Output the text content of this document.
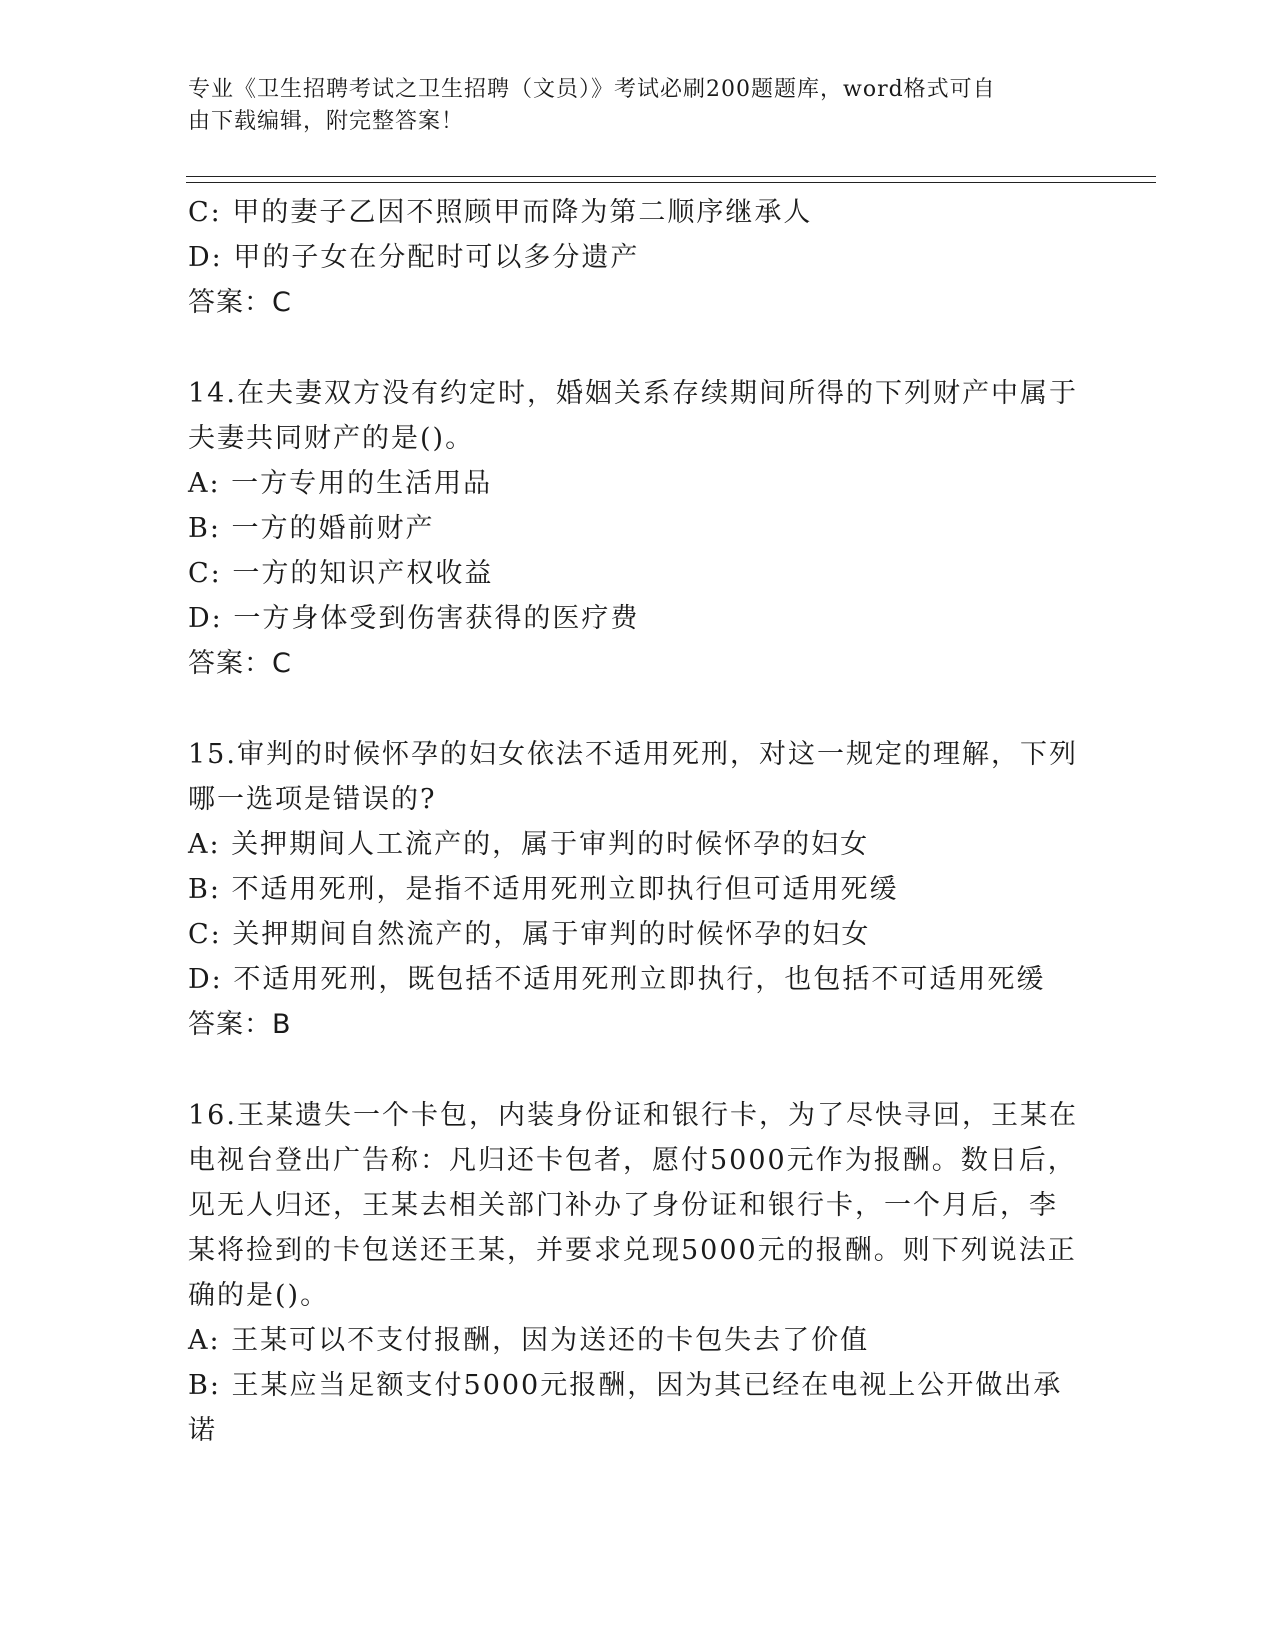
专业《卫生招聘考试之卫生招聘（文员）》考试必刷200题题库，word格式可自
由下载编辑，附完整答案！
C: 甲的妻子乙因不照顾甲而降为第二顺序继承人
D: 甲的子女在分配时可以多分遗产
答案：C
14.在夫妻双方没有约定时，婚姻关系存续期间所得的下列财产中属于
夫妻共同财产的是()。
A: 一方专用的生活用品
B: 一方的婚前财产
C: 一方的知识产权收益
D: 一方身体受到伤害获得的医疗费
答案：C
15.审判的时候怀孕的妇女依法不适用死刑，对这一规定的理解，下列
哪一选项是错误的?
A: 关押期间人工流产的，属于审判的时候怀孕的妇女
B: 不适用死刑，是指不适用死刑立即执行但可适用死缓
C: 关押期间自然流产的，属于审判的时候怀孕的妇女
D: 不适用死刑，既包括不适用死刑立即执行，也包括不可适用死缓
答案：B
16.王某遗失一个卡包，内装身份证和银行卡，为了尽快寻回，王某在
电视台登出广告称：凡归还卡包者，愿付5000元作为报酬。数日后，
见无人归还，王某去相关部门补办了身份证和银行卡，一个月后，李
某将捡到的卡包送还王某，并要求兑现5000元的报酬。则下列说法正
确的是()。
A: 王某可以不支付报酬，因为送还的卡包失去了价值
B: 王某应当足额支付5000元报酬，因为其已经在电视上公开做出承
诺
